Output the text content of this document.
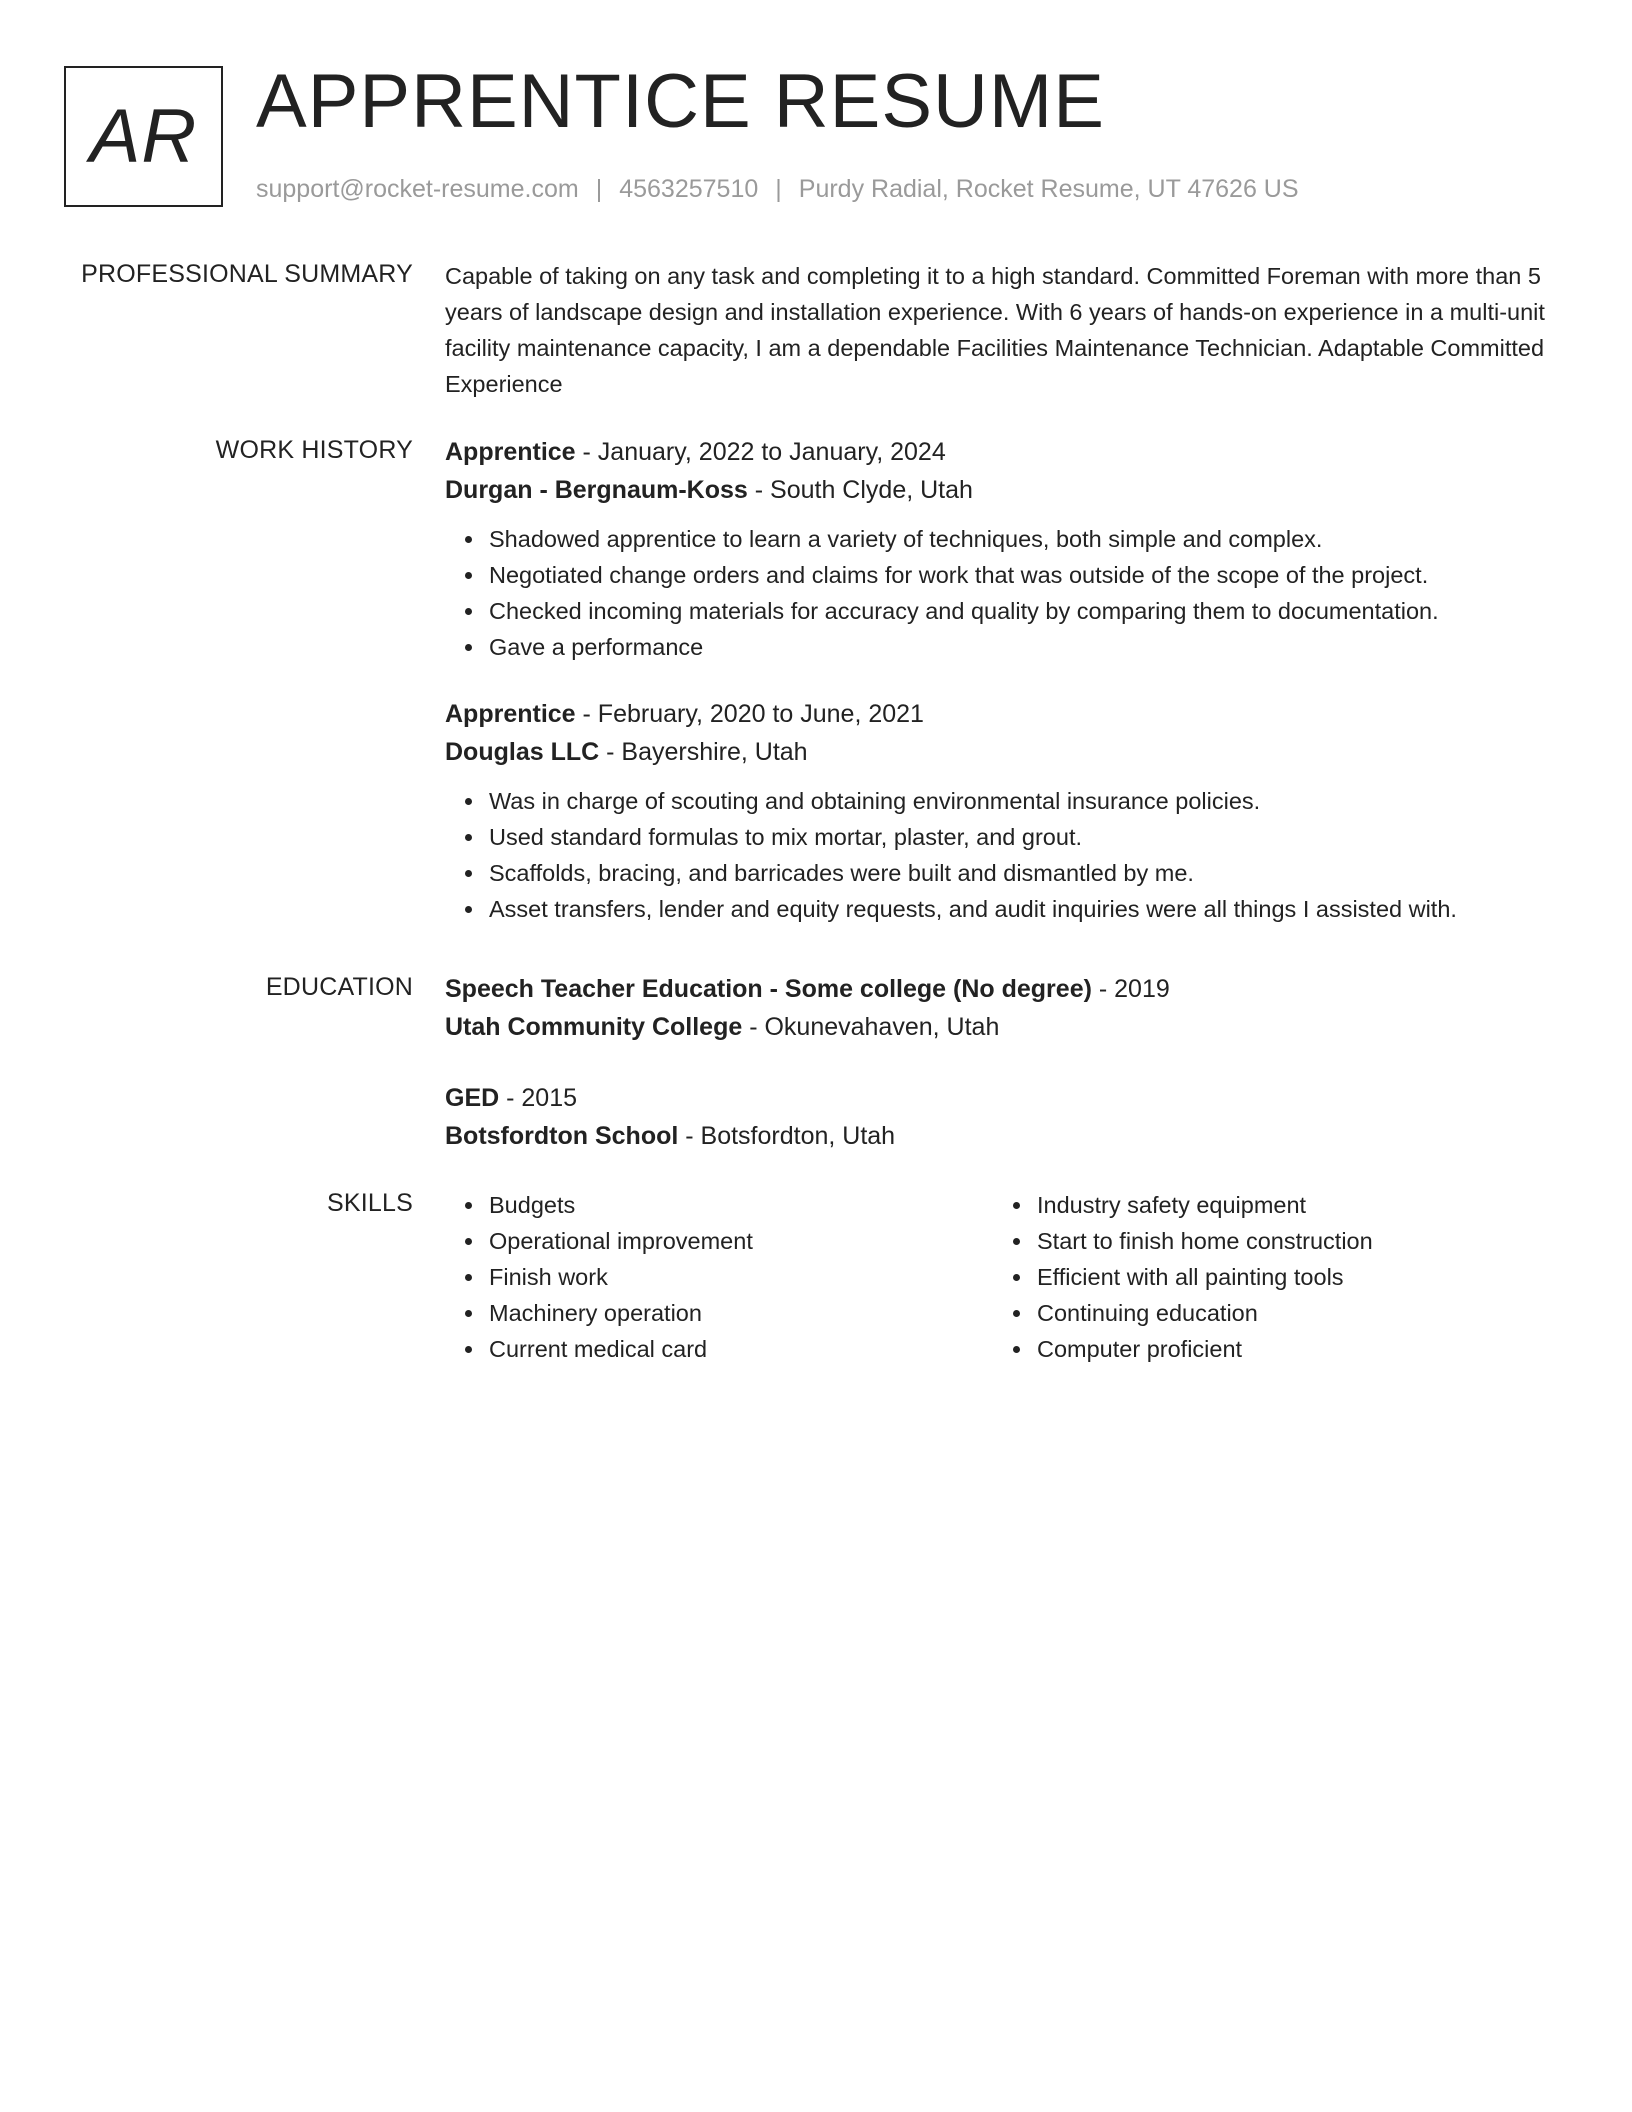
AR APPRENTICE RESUME
support@rocket-resume.com | 4563257510 | Purdy Radial, Rocket Resume, UT 47626 US
PROFESSIONAL SUMMARY Capable of taking on any task and completing it to a high standard. Committed Foreman with more than 5 years of landscape design and installation experience. With 6 years of hands-on experience in a multi-unit facility maintenance capacity, I am a dependable Facilities Maintenance Technician. Adaptable Committed Experience

WORK HISTORY Apprentice - January, 2022 to January, 2024
Durgan - Bergnaum-Koss - South Clyde, Utah
Shadowed apprentice to learn a variety of techniques, both simple and complex.
Negotiated change orders and claims for work that was outside of the scope of the project.
Checked incoming materials for accuracy and quality by comparing them to documentation.
Gave a performance
Apprentice - February, 2020 to June, 2021
Douglas LLC - Bayershire, Utah
Was in charge of scouting and obtaining environmental insurance policies.
Used standard formulas to mix mortar, plaster, and grout.
Scaffolds, bracing, and barricades were built and dismantled by me.
Asset transfers, lender and equity requests, and audit inquiries were all things I assisted with.
EDUCATION Speech Teacher Education - Some college (No degree) - 2019
Utah Community College - Okunevahaven, Utah
GED - 2015
Botsfordton School - Botsfordton, Utah
SKILLS	Budgets
Operational improvement
Finish work
Machinery operation
Current medical card
Industry safety equipment
Start to finish home construction
Efficient with all painting tools
Continuing education
Computer proficient
